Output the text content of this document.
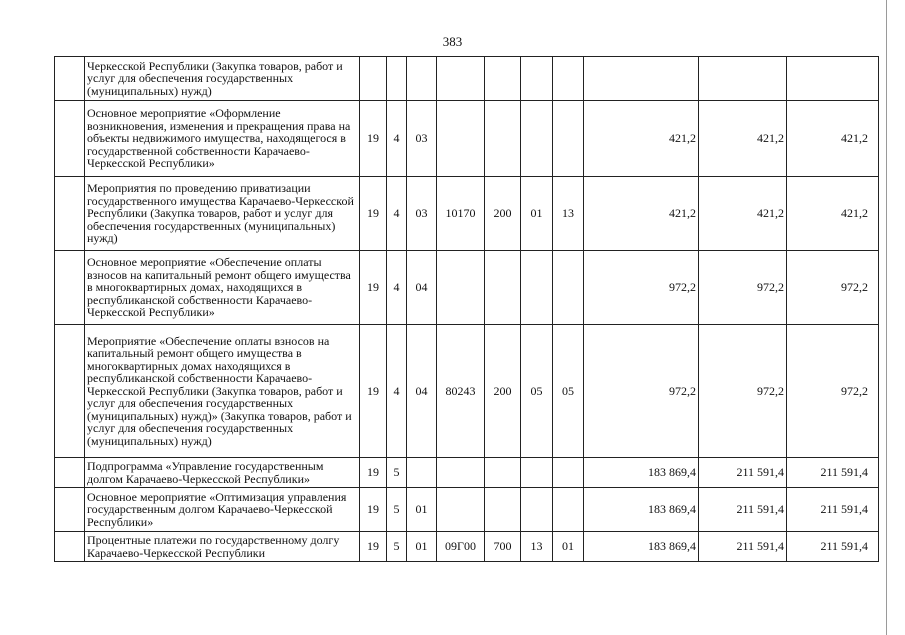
383
	Черкесской Республики (Закупка товаров, работ и услуг для обеспечения государственных (муниципальных) нужд)										
	Основное мероприятие «Оформление возникновения, изменения и прекращения права на объекты недвижимого имущества, находящегося в государственной собственности Карачаево-Черкесской Республики»	19	4	03					421,2	421,2	421,2
	Мероприятия по проведению приватизации государственного имущества Карачаево-Черкесской Республики (Закупка товаров, работ и услуг для обеспечения государственных (муниципальных) нужд)	19	4	03	10170	200	01	13	421,2	421,2	421,2
	Основное мероприятие «Обеспечение оплаты взносов на капитальный ремонт общего имущества в многоквартирных домах, находящихся в республиканской собственности Карачаево-Черкесской Республики»	19	4	04					972,2	972,2	972,2
	Мероприятие «Обеспечение оплаты взносов на капитальный ремонт общего имущества в многоквартирных домах находящихся в республиканской собственности Карачаево-Черкесской Республики (Закупка товаров, работ и услуг для обеспечения государственных (муниципальных) нужд)» (Закупка товаров, работ и услуг для обеспечения государственных (муниципальных) нужд)	19	4	04	80243	200	05	05	972,2	972,2	972,2
	Подпрограмма «Управление государственным долгом Карачаево-Черкесской Республики»	19	5						183 869,4	211 591,4	211 591,4
	Основное мероприятие «Оптимизация управления государственным долгом Карачаево-Черкесской Республики»	19	5	01					183 869,4	211 591,4	211 591,4
	Процентные платежи по государственному долгу Карачаево-Черкесской Республики	19	5	01	09Г00	700	13	01	183 869,4	211 591,4	211 591,4
